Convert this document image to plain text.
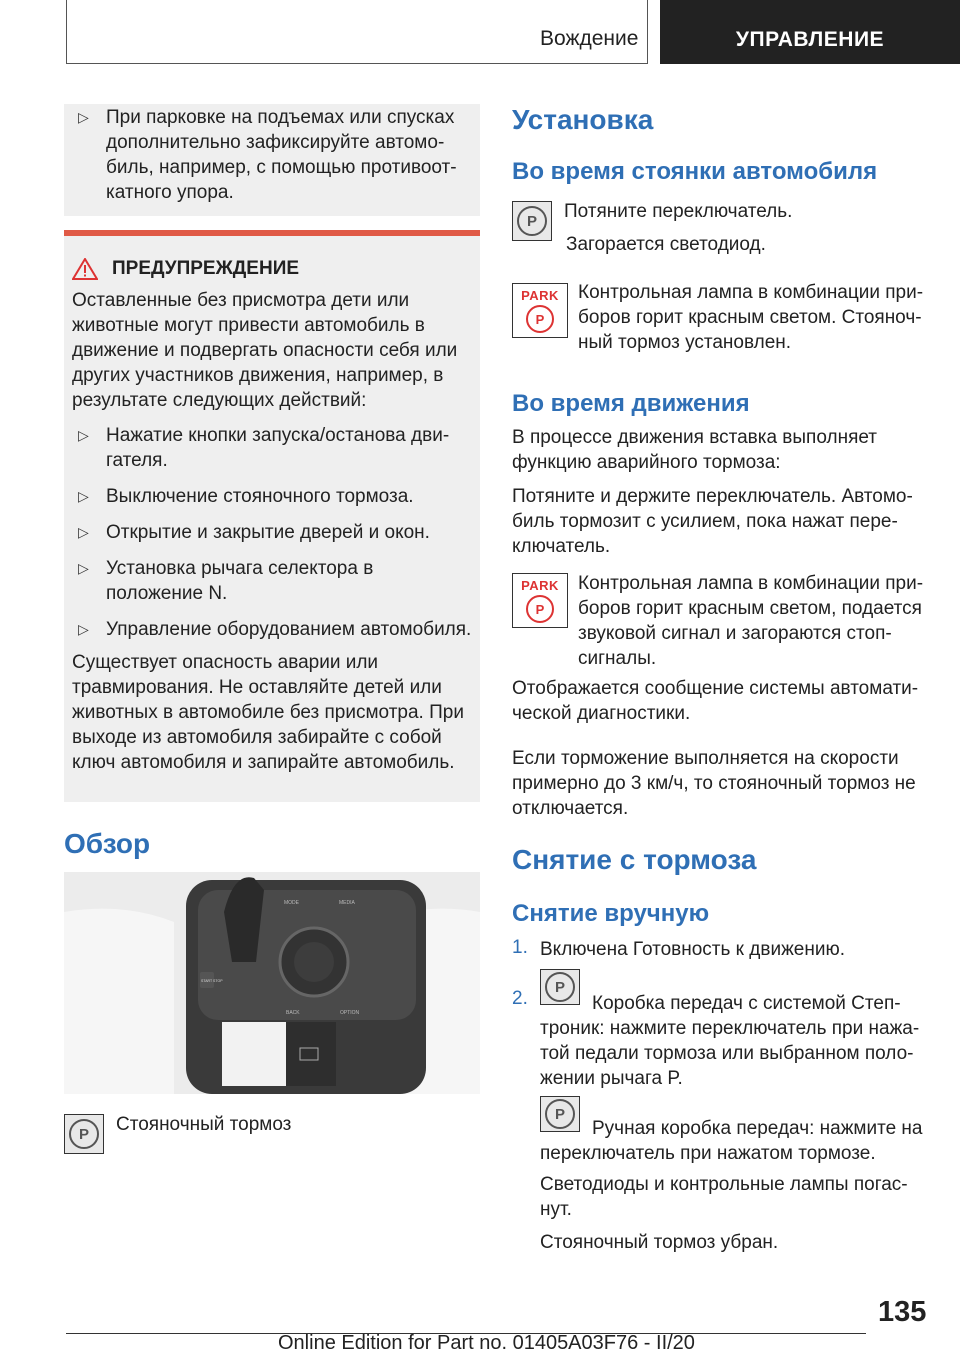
Вождение	УПРАВЛЕНИЕ
▷ При парковке на подъемах или спусках дополнительно зафиксируйте автомобиль, например, с помощью противооткатного упора.
ПРЕДУПРЕЖДЕНИЕ

Оставленные без присмотра дети или животные могут привести автомобиль в движение и подвергать опасности себя или других участников движения, например, в результате следующих действий:

▷ Нажатие кнопки запуска/останова двигателя.
▷ Выключение стояночного тормоза.
▷ Открытие и закрытие дверей и окон.
▷ Установка рычага селектора в положение N.
▷ Управление оборудованием автомобиля.

Существует опасность аварии или травмирования. Не оставляйте детей или животных в автомобиле без присмотра. При выходе из автомобиля забирайте с собой ключ автомобиля и запирайте автомобиль.

Обзор
MODE	MEDIA
BACK	OPTION
START STOP
P	Стояночный тормоз

Установка
Во время стоянки автомобиля
P	Потяните переключатель.

Загорается светодиод.

PARK
P

Контрольная лампа в комбинации приборов горит красным светом. Стояночный тормоз установлен.

Во время движения

В процессе движения вставка выполняет функцию аварийного тормоза:

Потяните и держите переключатель. Автомобиль тормозит с усилием, пока нажат переключатель.

PARK
P

Контрольная лампа в комбинации приборов горит красным светом, подается звуковой сигнал и загораются стопсигналы.

Отображается сообщение системы автоматической диагностики.

Если торможение выполняется на скорости примерно до 3 км/ч, то стояночный тормоз не отключается.

Снятие с тормоза
Снятие вручную
1. Включена Готовность к движению.

2.
P

Коробка передач с системой Стептроник: нажмите переключатель при нажатой педали тормоза или выбранном положении рычага P.

P

Ручная коробка передач: нажмите на переключатель при нажатом тормозе.

Светодиоды и контрольные лампы погаснут.

Стояночный тормоз убран.

135
Online Edition for Part no. 01405A03F76 - II/20
